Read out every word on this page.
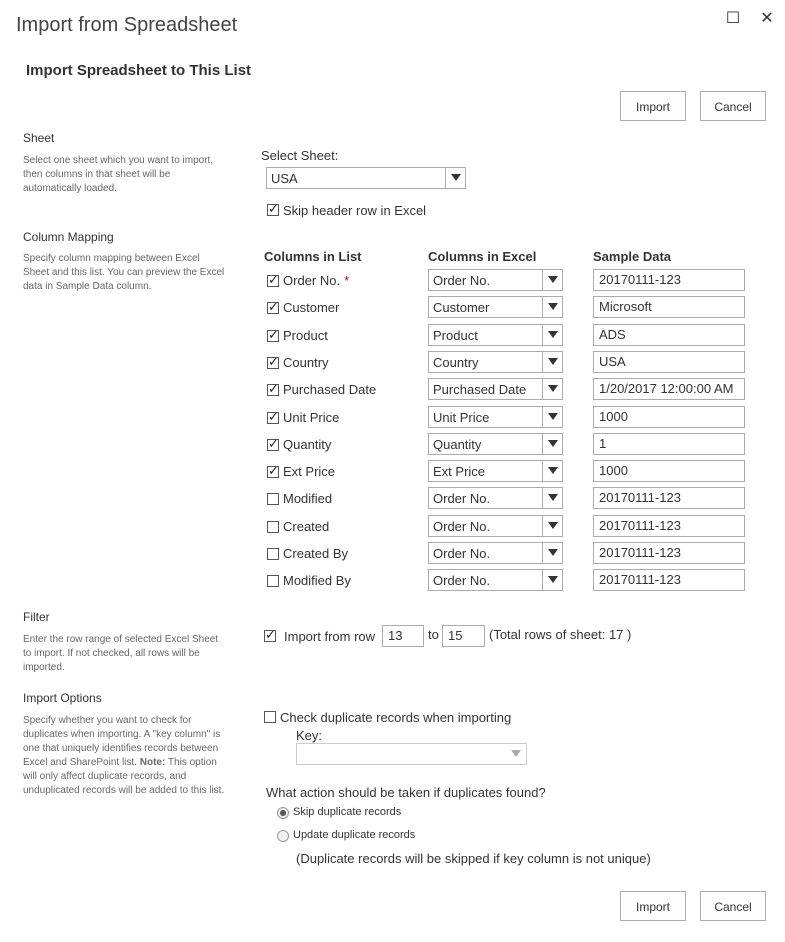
Import from Spreadsheet	☐ ✕
Import Spreadsheet to This List
Import	Cancel
Sheet
Select one sheet which you want to import, then columns in that sheet will be automatically loaded.
Select Sheet:
USA
✓
Skip header row in Excel
Column Mapping
Specify column mapping between Excel Sheet and this list. You can preview the Excel data in Sample Data column.
Columns in List	Columns in Excel	Sample Data
✓
Order No. *	Order No.	20170111-123
✓
Customer	Customer	Microsoft
✓
Product	Product	ADS
✓
Country	Country	USA
✓
Purchased Date	Purchased Date	1/20/2017 12:00:00 AM
✓
Unit Price	Unit Price	1000
✓
Quantity	Quantity	1
✓
Ext Price	Ext Price	1000
Modified	Order No.	20170111-123
Created	Order No.	20170111-123
Created By	Order No.	20170111-123
Modified By	Order No.	20170111-123
Filter
Enter the row range of selected Excel Sheet to import. If not checked, all rows will be imported.
✓
Import from row 13	to 15	(Total rows of sheet: 17 )
Import Options
Specify whether you want to check for duplicates when importing. A "key column" is one that uniquely identifies records between Excel and SharePoint list. Note: This option will only affect duplicate records, and unduplicated records will be added to this list.
Check duplicate records when importing
Key:
What action should be taken if duplicates found?
Skip duplicate records
Update duplicate records
(Duplicate records will be skipped if key column is not unique)
Import	Cancel
